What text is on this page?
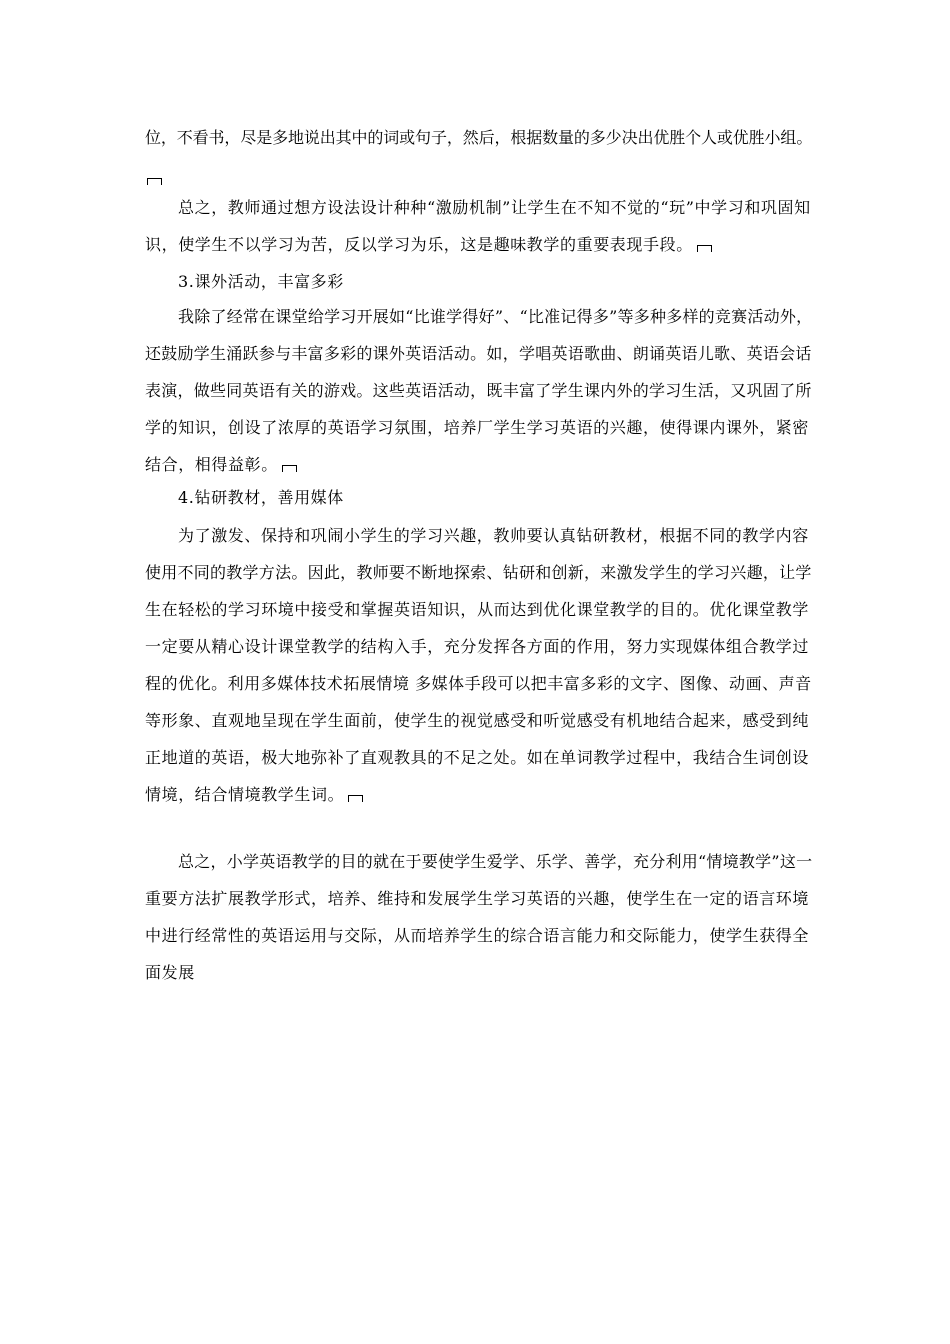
位，不看书，尽是多地说出其中的词或句子，然后，根据数量的多少决出优胜个人或优胜小组。
总之，教师通过想方设法设计种种“激励机制”让学生在不知不觉的“玩”中学习和巩固知
识，使学生不以学习为苦，反以学习为乐，这是趣味教学的重要表现手段。
3.课外活动，丰富多彩
我除了经常在课堂给学习开展如“比谁学得好”、“比准记得多”等多种多样的竞赛活动外，
还鼓励学生涌跃参与丰富多彩的课外英语活动。如，学唱英语歌曲、朗诵英语儿歌、英语会话
表演，做些同英语有关的游戏。这些英语活动，既丰富了学生课内外的学习生活，又巩固了所
学的知识，创设了浓厚的英语学习氛围，培养厂学生学习英语的兴趣，使得课内课外，紧密
结合，相得益彰。
4.钻研教材，善用媒体
为了激发、保持和巩闹小学生的学习兴趣，教帅要认真钻研教材，根据不同的教学内容
使用不同的教学方法。因此，教师要不断地探索、钻研和创新，来激发学生的学习兴趣，让学
生在轻松的学习环境中接受和掌握英语知识，从而达到优化课堂教学的目的。优化课堂教学
一定要从精心设计课堂教学的结构入手，充分发挥各方面的作用，努力实现媒体组合教学过
程的优化。利用多媒体技术拓展情境 多媒体手段可以把丰富多彩的文字、图像、动画、声音
等形象、直观地呈现在学生面前，使学生的视觉感受和听觉感受有机地结合起来，感受到纯
正地道的英语，极大地弥补了直观教具的不足之处。如在单词教学过程中，我结合生词创设
情境，结合情境教学生词。
总之，小学英语教学的目的就在于要使学生爱学、乐学、善学，充分利用“情境教学”这一
重要方法扩展教学形式，培养、维持和发展学生学习英语的兴趣，使学生在一定的语言环境
中进行经常性的英语运用与交际，从而培养学生的综合语言能力和交际能力，使学生获得全
面发展
